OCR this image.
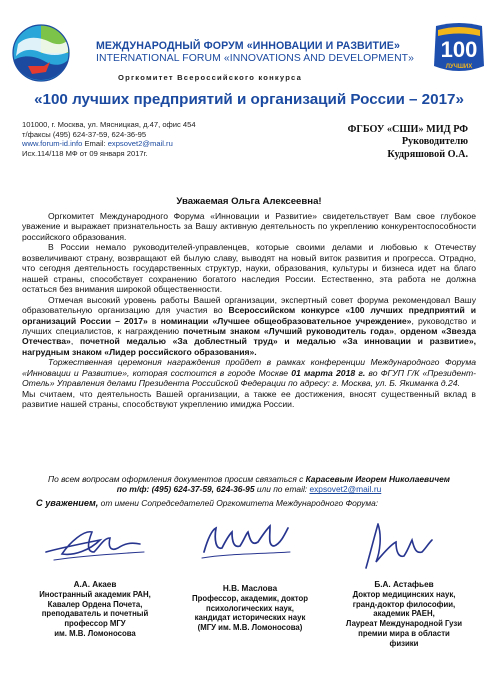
МЕЖДУНАРОДНЫЙ ФОРУМ «ИННОВАЦИИ И РАЗВИТИЕ»
INTERNATIONAL FORUM «INNOVATIONS AND DEVELOPMENT» 100
ЛУЧШИХ
Оргкомитет Всероссийского конкурса
«100 лучших предприятий и организаций России – 2017»
101000, г. Москва, ул. Мясницкая, д.47, офис 454
т/факсы (495) 624-37-59, 624-36-95
www.forum-id.info Email: expsovet2@mail.ru
Исх.114/118 МФ от 09 января 2017г.
ФГБОУ «СШИ» МИД РФ
Руководителю
Кудряшовой О.А.
Уважаемая Ольга Алексеевна!

Оргкомитет Международного Форума «Инновации и Развитие» свидетельствует Вам свое глубокое уважение и выражает признательность за Вашу активную деятельность по укреплению конкурентоспособности российского образования.

В России немало руководителей-управленцев, которые своими делами и любовью к Отечеству возвеличивают страну, возвращают ей былую славу, выводят на новый виток развития и прогресса. Отрадно, что сегодня деятельность государственных структур, науки, образования, культуры и бизнеса идет на благо нашей страны, способствует сохранению богатого наследия России. Естественно, эта работа не должна остаться без внимания широкой общественности.

Отмечая высокий уровень работы Вашей организации, экспертный совет форума рекомендовал Вашу образовательную организацию для участия во Всероссийском конкурсе «100 лучших предприятий и организаций России – 2017» в номинации «Лучшее общеобразовательное учреждение», руководство и лучших специалистов, к награждению почетным знаком «Лучший руководитель года», орденом «Звезда Отечества», почетной медалью «За доблестный труд» и медалью «За инновации и развитие», нагрудным знаком «Лидер российского образования».

Торжественная церемония награждения пройдет в рамках конференции Международного Форума «Инновации и Развитие», которая состоится в городе Москве 01 марта 2018 г. во ФГУП Г/К «Президент-Отель» Управления делами Президента Российской Федерации по адресу: г. Москва, ул. Б. Якиманка д.24.

Мы считаем, что деятельность Вашей организации, а также ее достижения, вносят существенный вклад в развитие нашей страны, способствуют укреплению имиджа России.

По всем вопросам оформления документов просим связаться с Карасевым Игорем Николаевичем
по т/ф: (495) 624-37-59, 624-36-95 или по email: expsovet2@mail.ru
С уважением, от имени Сопредседателей Оргкомитета Международного Форума:
А.А. Акаев
Иностранный академик РАН,
Кавалер Ордена Почета,
преподаватель и почетный
профессор МГУ
им. М.В. Ломоносова
Н.В. Маслова
Профессор, академик, доктор
психологических наук,
кандидат исторических наук
(МГУ им. М.В. Ломоносова)
Б.А. Астафьев
Доктор медицинских наук,
гранд-доктор философии,
академик РАЕН,
Лауреат Международной Гузи
премии мира в области
физики
